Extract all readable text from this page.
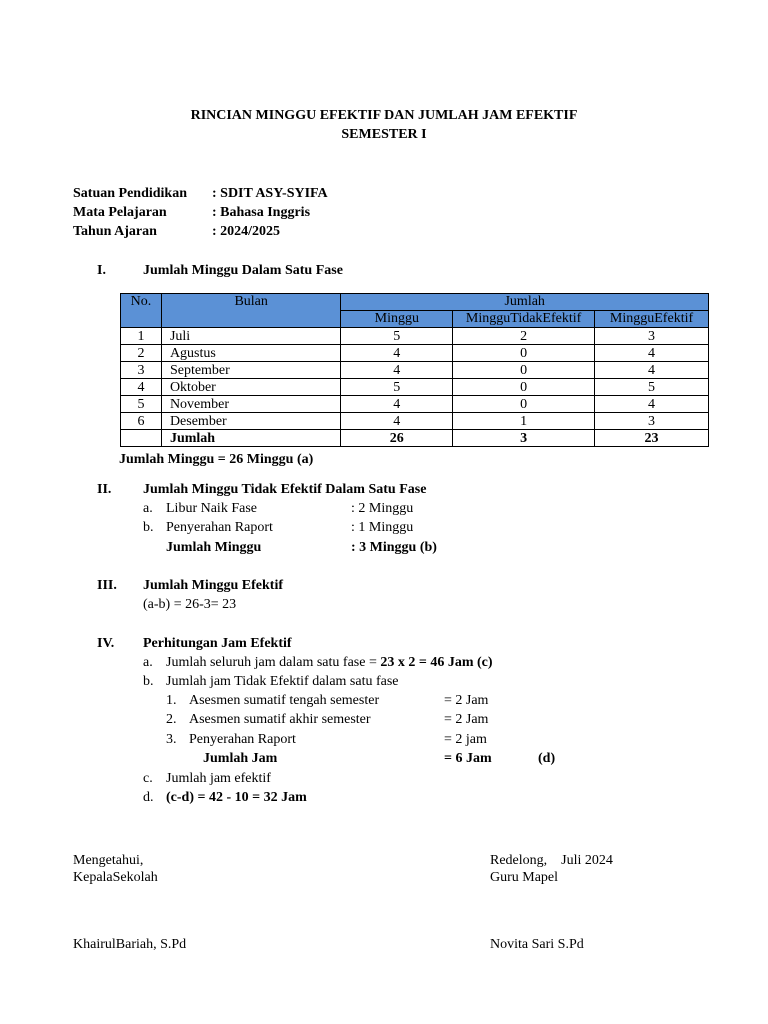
RINCIAN MINGGU EFEKTIF DAN JUMLAH JAM EFEKTIF
SEMESTER I
Satuan Pendidikan : SDIT ASY-SYIFA
Mata Pelajaran	: Bahasa Inggris
Tahun Ajaran	: 2024/2025
I.	Jumlah Minggu Dalam Satu Fase
No.	Bulan	Jumlah		
		Minggu	MingguTidakEfektif	MingguEfektif
1	Juli	5	2	3
2	Agustus	4	0	4
3	September	4	0	4
4	Oktober	5	0	5
5	November	4	0	4
6	Desember	4	1	3
	Jumlah	26	3	23
Jumlah Minggu = 26 Minggu (a)
II. Jumlah Minggu Tidak Efektif Dalam Satu Fase
a. Libur Naik Fase	: 2 Minggu
b. Penyerahan Raport	: 1 Minggu
Jumlah Minggu	: 3 Minggu (b)
III. Jumlah Minggu Efektif
(a-b) = 26-3= 23
IV. Perhitungan Jam Efektif
a. Jumlah seluruh jam dalam satu fase = 23 x 2 = 46 Jam (c)
b. Jumlah jam Tidak Efektif dalam satu fase
1. Asesmen sumatif tengah semester	= 2 Jam
2. Asesmen sumatif akhir semester	= 2 Jam
3. Penyerahan Raport	= 2 jam
Jumlah Jam	= 6 Jam	(d)
c. Jumlah jam efektif
d. (c-d) = 42 - 10 = 32 Jam
Mengetahui,
KepalaSekolah
KhairulBariah, S.Pd
Redelong,    Juli 2024
Guru Mapel
Novita Sari S.Pd
